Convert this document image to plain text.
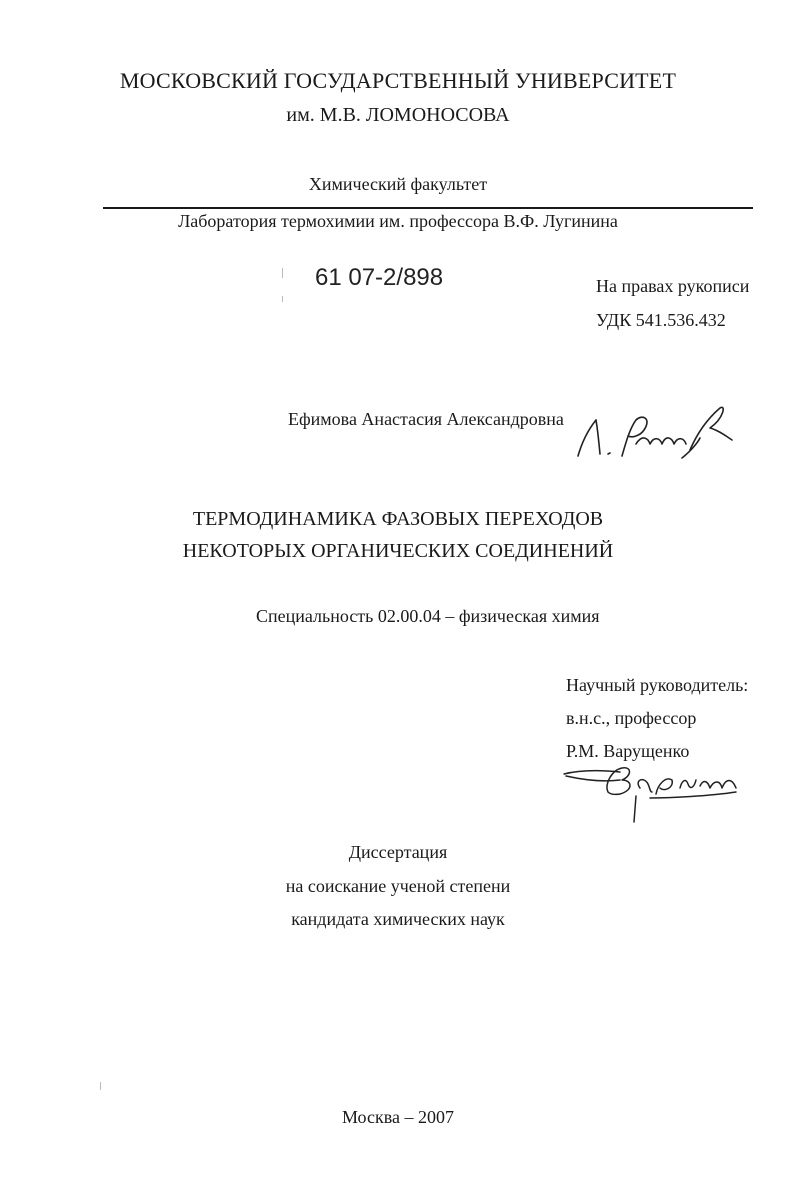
МОСКОВСКИЙ ГОСУДАРСТВЕННЫЙ УНИВЕРСИТЕТ
им. М.В. ЛОМОНОСОВА
Химический факультет
Лаборатория термохимии им. профессора В.Ф. Лугинина
61 07-2/898	На правах рукописи
УДК 541.536.432
Ефимова Анастасия Александровна
ТЕРМОДИНАМИКА ФАЗОВЫХ ПЕРЕХОДОВ
НЕКОТОРЫХ ОРГАНИЧЕСКИХ СОЕДИНЕНИЙ
Специальность 02.00.04 – физическая химия
Научный руководитель:
в.н.с., профессор
Р.М. Варущенко
Диссертация
на соискание ученой степени
кандидата химических наук
Москва – 2007
